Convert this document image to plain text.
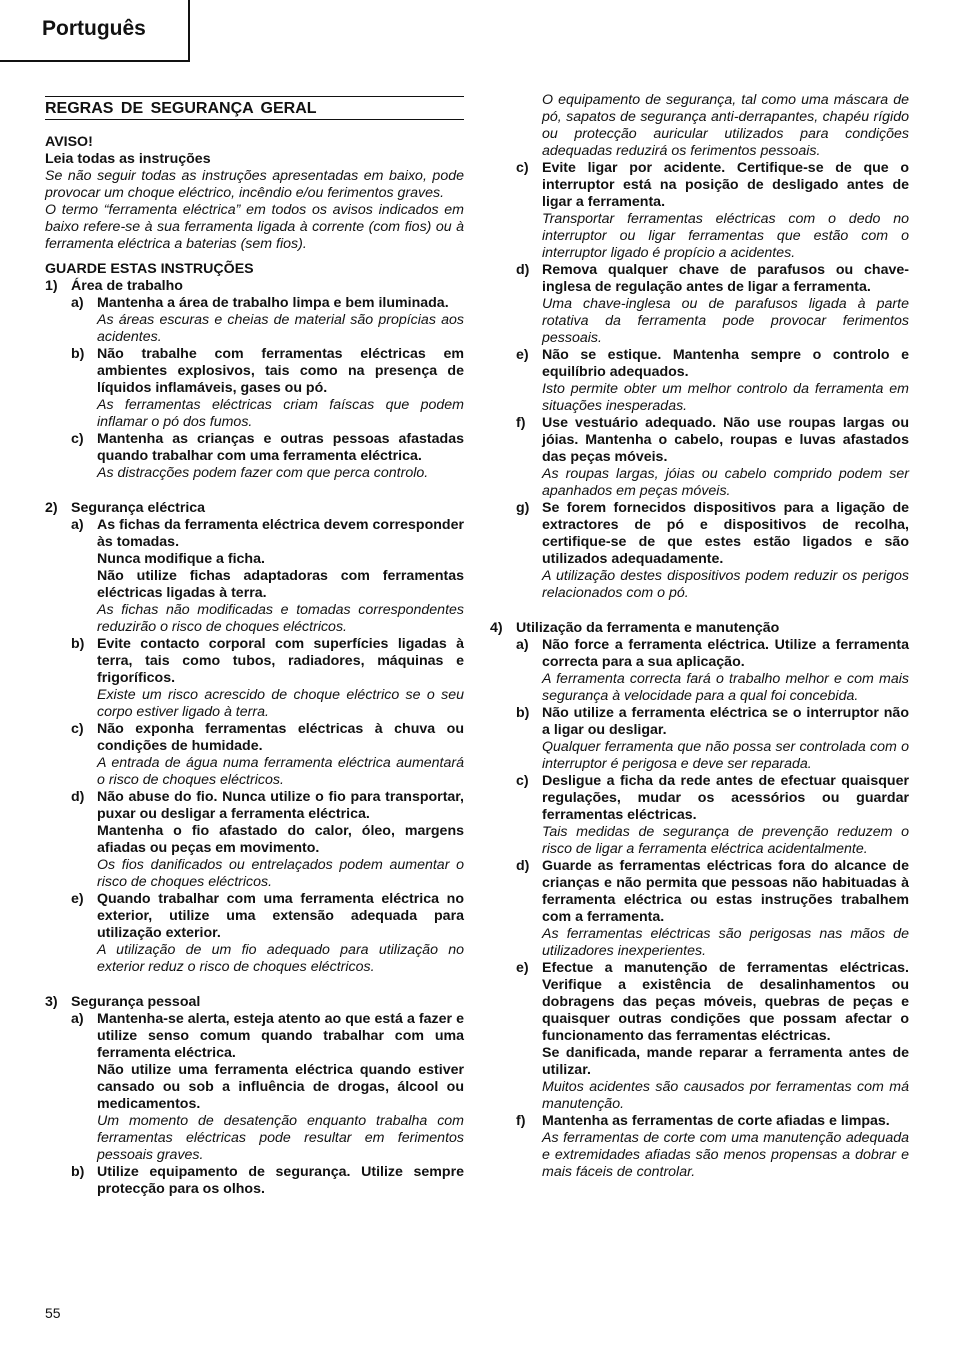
Português
REGRAS DE SEGURANÇA GERAL

AVISO!

Leia todas as instruções

Se não seguir todas as instruções apresentadas em baixo, pode provocar um choque eléctrico, incêndio e/ou ferimentos graves.

O termo “ferramenta eléctrica” em todos os avisos indicados em baixo refere-se à sua ferramenta ligada à corrente (com fios) ou à ferramenta eléctrica a baterias (sem fios).

GUARDE ESTAS INSTRUÇÕES

1) Área de trabalho

a) Mantenha a área de trabalho limpa e bem iluminada.

As áreas escuras e cheias de material são propícias aos acidentes.

b) Não trabalhe com ferramentas eléctricas em ambientes explosivos, tais como na presença de líquidos inflamáveis, gases ou pó.

As ferramentas eléctricas criam faíscas que podem inflamar o pó dos fumos.

c) Mantenha as crianças e outras pessoas afastadas quando trabalhar com uma ferramenta eléctrica.

As distracções podem fazer com que perca controlo.

2) Segurança eléctrica

a) As fichas da ferramenta eléctrica devem corresponder às tomadas.

Nunca modifique a ficha.

Não utilize fichas adaptadoras com ferramentas eléctricas ligadas à terra.

As fichas não modificadas e tomadas correspondentes reduzirão o risco de choques eléctricos.

b) Evite contacto corporal com superfícies ligadas à terra, tais como tubos, radiadores, máquinas e frigoríficos.

Existe um risco acrescido de choque eléctrico se o seu corpo estiver ligado à terra.

c) Não exponha ferramentas eléctricas à chuva ou condições de humidade.

A entrada de água numa ferramenta eléctrica aumentará o risco de choques eléctricos.

d) Não abuse do fio. Nunca utilize o fio para transportar, puxar ou desligar a ferramenta eléctrica.

Mantenha o fio afastado do calor, óleo, margens afiadas ou peças em movimento.

Os fios danificados ou entrelaçados podem aumentar o risco de choques eléctricos.

e) Quando trabalhar com uma ferramenta eléctrica no exterior, utilize uma extensão adequada para utilização exterior.

A utilização de um fio adequado para utilização no exterior reduz o risco de choques eléctricos.

3) Segurança pessoal

a) Mantenha-se alerta, esteja atento ao que está a fazer e utilize senso comum quando trabalhar com uma ferramenta eléctrica.

Não utilize uma ferramenta eléctrica quando estiver cansado ou sob a influência de drogas, álcool ou medicamentos.

Um momento de desatenção enquanto trabalha com ferramentas eléctricas pode resultar em ferimentos pessoais graves.

b) Utilize equipamento de segurança. Utilize sempre protecção para os olhos.

O equipamento de segurança, tal como uma máscara de pó, sapatos de segurança anti-derrapantes, chapéu rígido ou protecção auricular utilizados para condições adequadas reduzirá os ferimentos pessoais.

c) Evite ligar por acidente. Certifique-se de que o interruptor está na posição de desligado antes de ligar a ferramenta.

Transportar ferramentas eléctricas com o dedo no interruptor ou ligar ferramentas que estão com o interruptor ligado é propício a acidentes.

d) Remova qualquer chave de parafusos ou chave-inglesa de regulação antes de ligar a ferramenta.

Uma chave-inglesa ou de parafusos ligada à parte rotativa da ferramenta pode provocar ferimentos pessoais.

e) Não se estique. Mantenha sempre o controlo e equilíbrio adequados.

Isto permite obter um melhor controlo da ferramenta em situações inesperadas.

f) Use vestuário adequado. Não use roupas largas ou jóias. Mantenha o cabelo, roupas e luvas afastados das peças móveis.

As roupas largas, jóias ou cabelo comprido podem ser apanhados em peças móveis.

g) Se forem fornecidos dispositivos para a ligação de extractores de pó e dispositivos de recolha, certifique-se de que estes estão ligados e são utilizados adequadamente.

A utilização destes dispositivos podem reduzir os perigos relacionados com o pó.

4) Utilização da ferramenta e manutenção

a) Não force a ferramenta eléctrica. Utilize a ferramenta correcta para a sua aplicação.

A ferramenta correcta fará o trabalho melhor e com mais segurança à velocidade para a qual foi concebida.

b) Não utilize a ferramenta eléctrica se o interruptor não a ligar ou desligar.

Qualquer ferramenta que não possa ser controlada com o interruptor é perigosa e deve ser reparada.

c) Desligue a ficha da rede antes de efectuar quaisquer regulações, mudar os acessórios ou guardar ferramentas eléctricas.

Tais medidas de segurança de prevenção reduzem o risco de ligar a ferramenta eléctrica acidentalmente.

d) Guarde as ferramentas eléctricas fora do alcance de crianças e não permita que pessoas não habituadas à ferramenta eléctrica ou estas instruções trabalhem com a ferramenta.

As ferramentas eléctricas são perigosas nas mãos de utilizadores inexperientes.

e) Efectue a manutenção de ferramentas eléctricas. Verifique a existência de desalinhamentos ou dobragens das peças móveis, quebras de peças e quaisquer outras condições que possam afectar o funcionamento das ferramentas eléctricas.

Se danificada, mande reparar a ferramenta antes de utilizar.

Muitos acidentes são causados por ferramentas com má manutenção.

f) Mantenha as ferramentas de corte afiadas e limpas.

As ferramentas de corte com uma manutenção adequada e extremidades afiadas são menos propensas a dobrar e mais fáceis de controlar.

55
